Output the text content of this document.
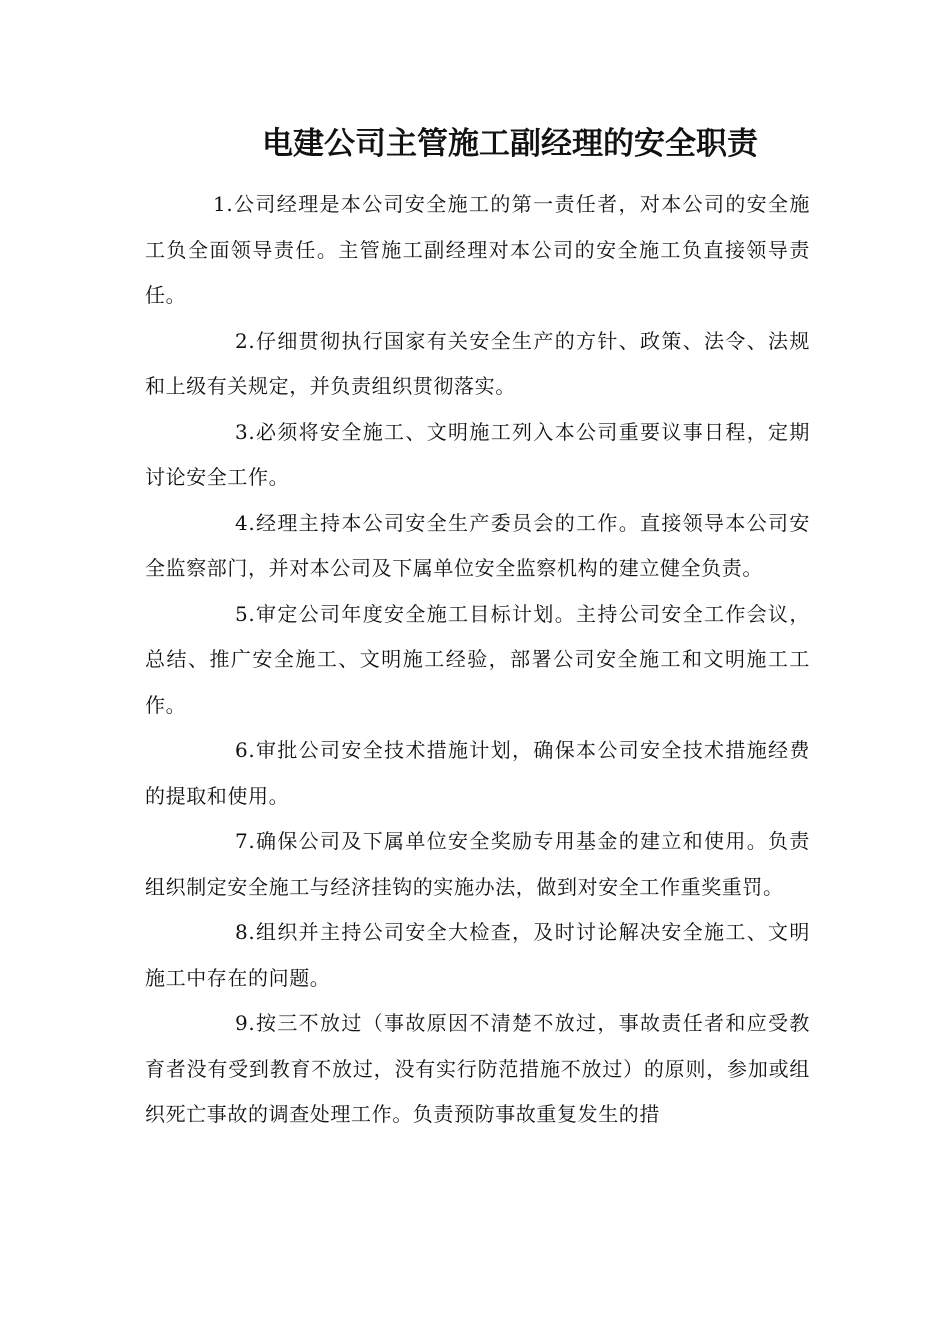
电建公司主管施工副经理的安全职责

1.公司经理是本公司安全施工的第一责任者，对本公司的安全施工负全面领导责任。主管施工副经理对本公司的安全施工负直接领导责任。

2.仔细贯彻执行国家有关安全生产的方针、政策、法令、法规和上级有关规定，并负责组织贯彻落实。

3.必须将安全施工、文明施工列入本公司重要议事日程，定期讨论安全工作。

4.经理主持本公司安全生产委员会的工作。直接领导本公司安全监察部门，并对本公司及下属单位安全监察机构的建立健全负责。

5.审定公司年度安全施工目标计划。主持公司安全工作会议，总结、推广安全施工、文明施工经验，部署公司安全施工和文明施工工作。

6.审批公司安全技术措施计划，确保本公司安全技术措施经费的提取和使用。

7.确保公司及下属单位安全奖励专用基金的建立和使用。负责组织制定安全施工与经济挂钩的实施办法，做到对安全工作重奖重罚。

8.组织并主持公司安全大检查，及时讨论解决安全施工、文明施工中存在的问题。

9.按三不放过（事故原因不清楚不放过，事故责任者和应受教育者没有受到教育不放过，没有实行防范措施不放过）的原则，参加或组织死亡事故的调查处理工作。负责预防事故重复发生的措
